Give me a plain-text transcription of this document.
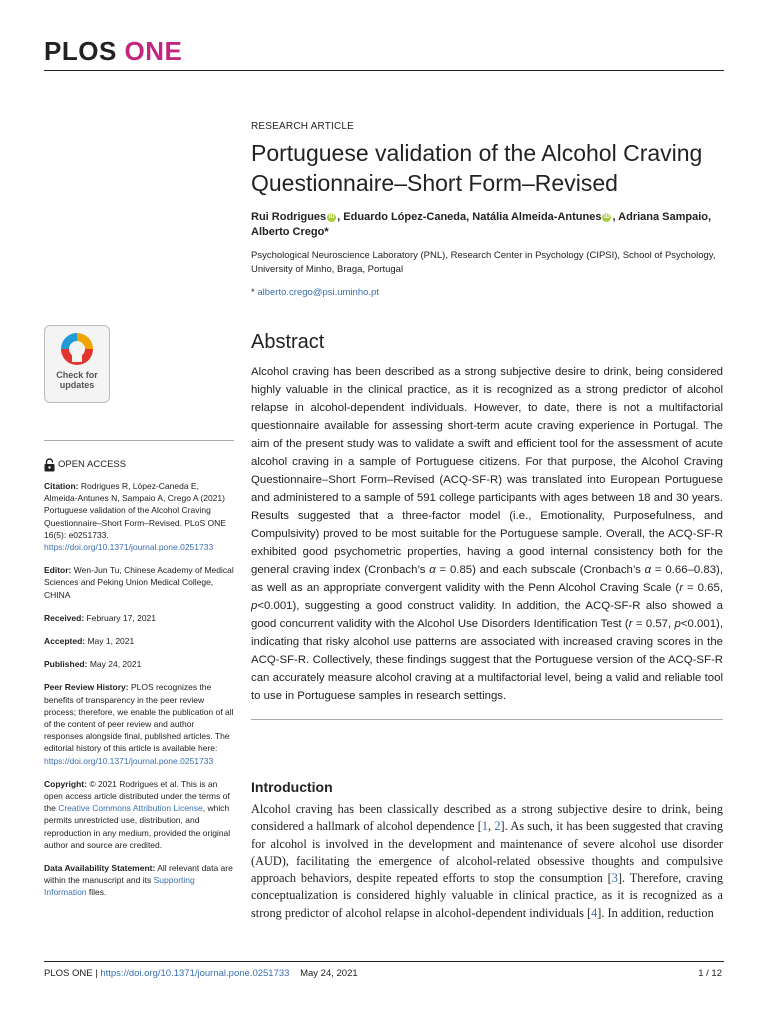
PLOS ONE
RESEARCH ARTICLE
Portuguese validation of the Alcohol Craving Questionnaire–Short Form–Revised
Rui Rodrigues iD , Eduardo López-Caneda, Natália Almeida-Antunes iD , Adriana Sampaio, Alberto Crego*
Psychological Neuroscience Laboratory (PNL), Research Center in Psychology (CIPSI), School of Psychology, University of Minho, Braga, Portugal
* alberto.crego@psi.uminho.pt
Check for
updates
OPEN ACCESS
Citation: Rodrigues R, López-Caneda E, Almeida-Antunes N, Sampaio A, Crego A (2021) Portuguese validation of the Alcohol Craving Questionnaire–Short Form–Revised. PLoS ONE 16(5): e0251733. https://doi.org/10.1371/journal.pone.0251733
Editor: Wen-Jun Tu, Chinese Academy of Medical Sciences and Peking Union Medical College, CHINA
Received: February 17, 2021
Accepted: May 1, 2021
Published: May 24, 2021
Peer Review History: PLOS recognizes the benefits of transparency in the peer review process; therefore, we enable the publication of all of the content of peer review and author responses alongside final, published articles. The editorial history of this article is available here: https://doi.org/10.1371/journal.pone.0251733
Copyright: © 2021 Rodrigues et al. This is an open access article distributed under the terms of the Creative Commons Attribution License, which permits unrestricted use, distribution, and reproduction in any medium, provided the original author and source are credited.
Data Availability Statement: All relevant data are within the manuscript and its Supporting Information files.
Abstract
Alcohol craving has been described as a strong subjective desire to drink, being considered highly valuable in the clinical practice, as it is recognized as a strong predictor of alcohol relapse in alcohol-dependent individuals. However, to date, there is not a multifactorial questionnaire available for assessing short-term acute craving experience in Portugal. The aim of the present study was to validate a swift and efficient tool for the assessment of acute alcohol craving in a sample of Portuguese citizens. For that purpose, the Alcohol Craving Questionnaire–Short Form–Revised (ACQ-SF-R) was translated into European Portuguese and administered to a sample of 591 college participants with ages between 18 and 30 years. Results suggested that a three-factor model (i.e., Emotionality, Purposefulness, and Compulsivity) proved to be most suitable for the Portuguese sample. Overall, the ACQ-SF-R exhibited good psychometric properties, having a good internal consistency both for the general craving index (Cronbach’s α = 0.85) and each subscale (Cronbach’s α = 0.66–0.83), as well as an appropriate convergent validity with the Penn Alcohol Craving Scale (r = 0.65, p<0.001), suggesting a good construct validity. In addition, the ACQ-SF-R also showed a good concurrent validity with the Alcohol Use Disorders Identification Test (r = 0.57, p<0.001), indicating that risky alcohol use patterns are associated with increased craving scores in the ACQ-SF-R. Collectively, these findings suggest that the Portuguese version of the ACQ-SF-R can accurately measure alcohol craving at a multifactorial level, being a valid and reliable tool to use in Portuguese samples in research settings.
Introduction
Alcohol craving has been classically described as a strong subjective desire to drink, being considered a hallmark of alcohol dependence [1, 2]. As such, it has been suggested that craving for alcohol is involved in the development and maintenance of severe alcohol use disorder (AUD), facilitating the emergence of alcohol-related obsessive thoughts and compulsive approach behaviors, despite repeated efforts to stop the consumption [3]. Therefore, craving conceptualization is considered highly valuable in clinical practice, as it is recognized as a strong predictor of alcohol relapse in alcohol-dependent individuals [4]. In addition, reduction
PLOS ONE | https://doi.org/10.1371/journal.pone.0251733 May 24, 2021	1 / 12
